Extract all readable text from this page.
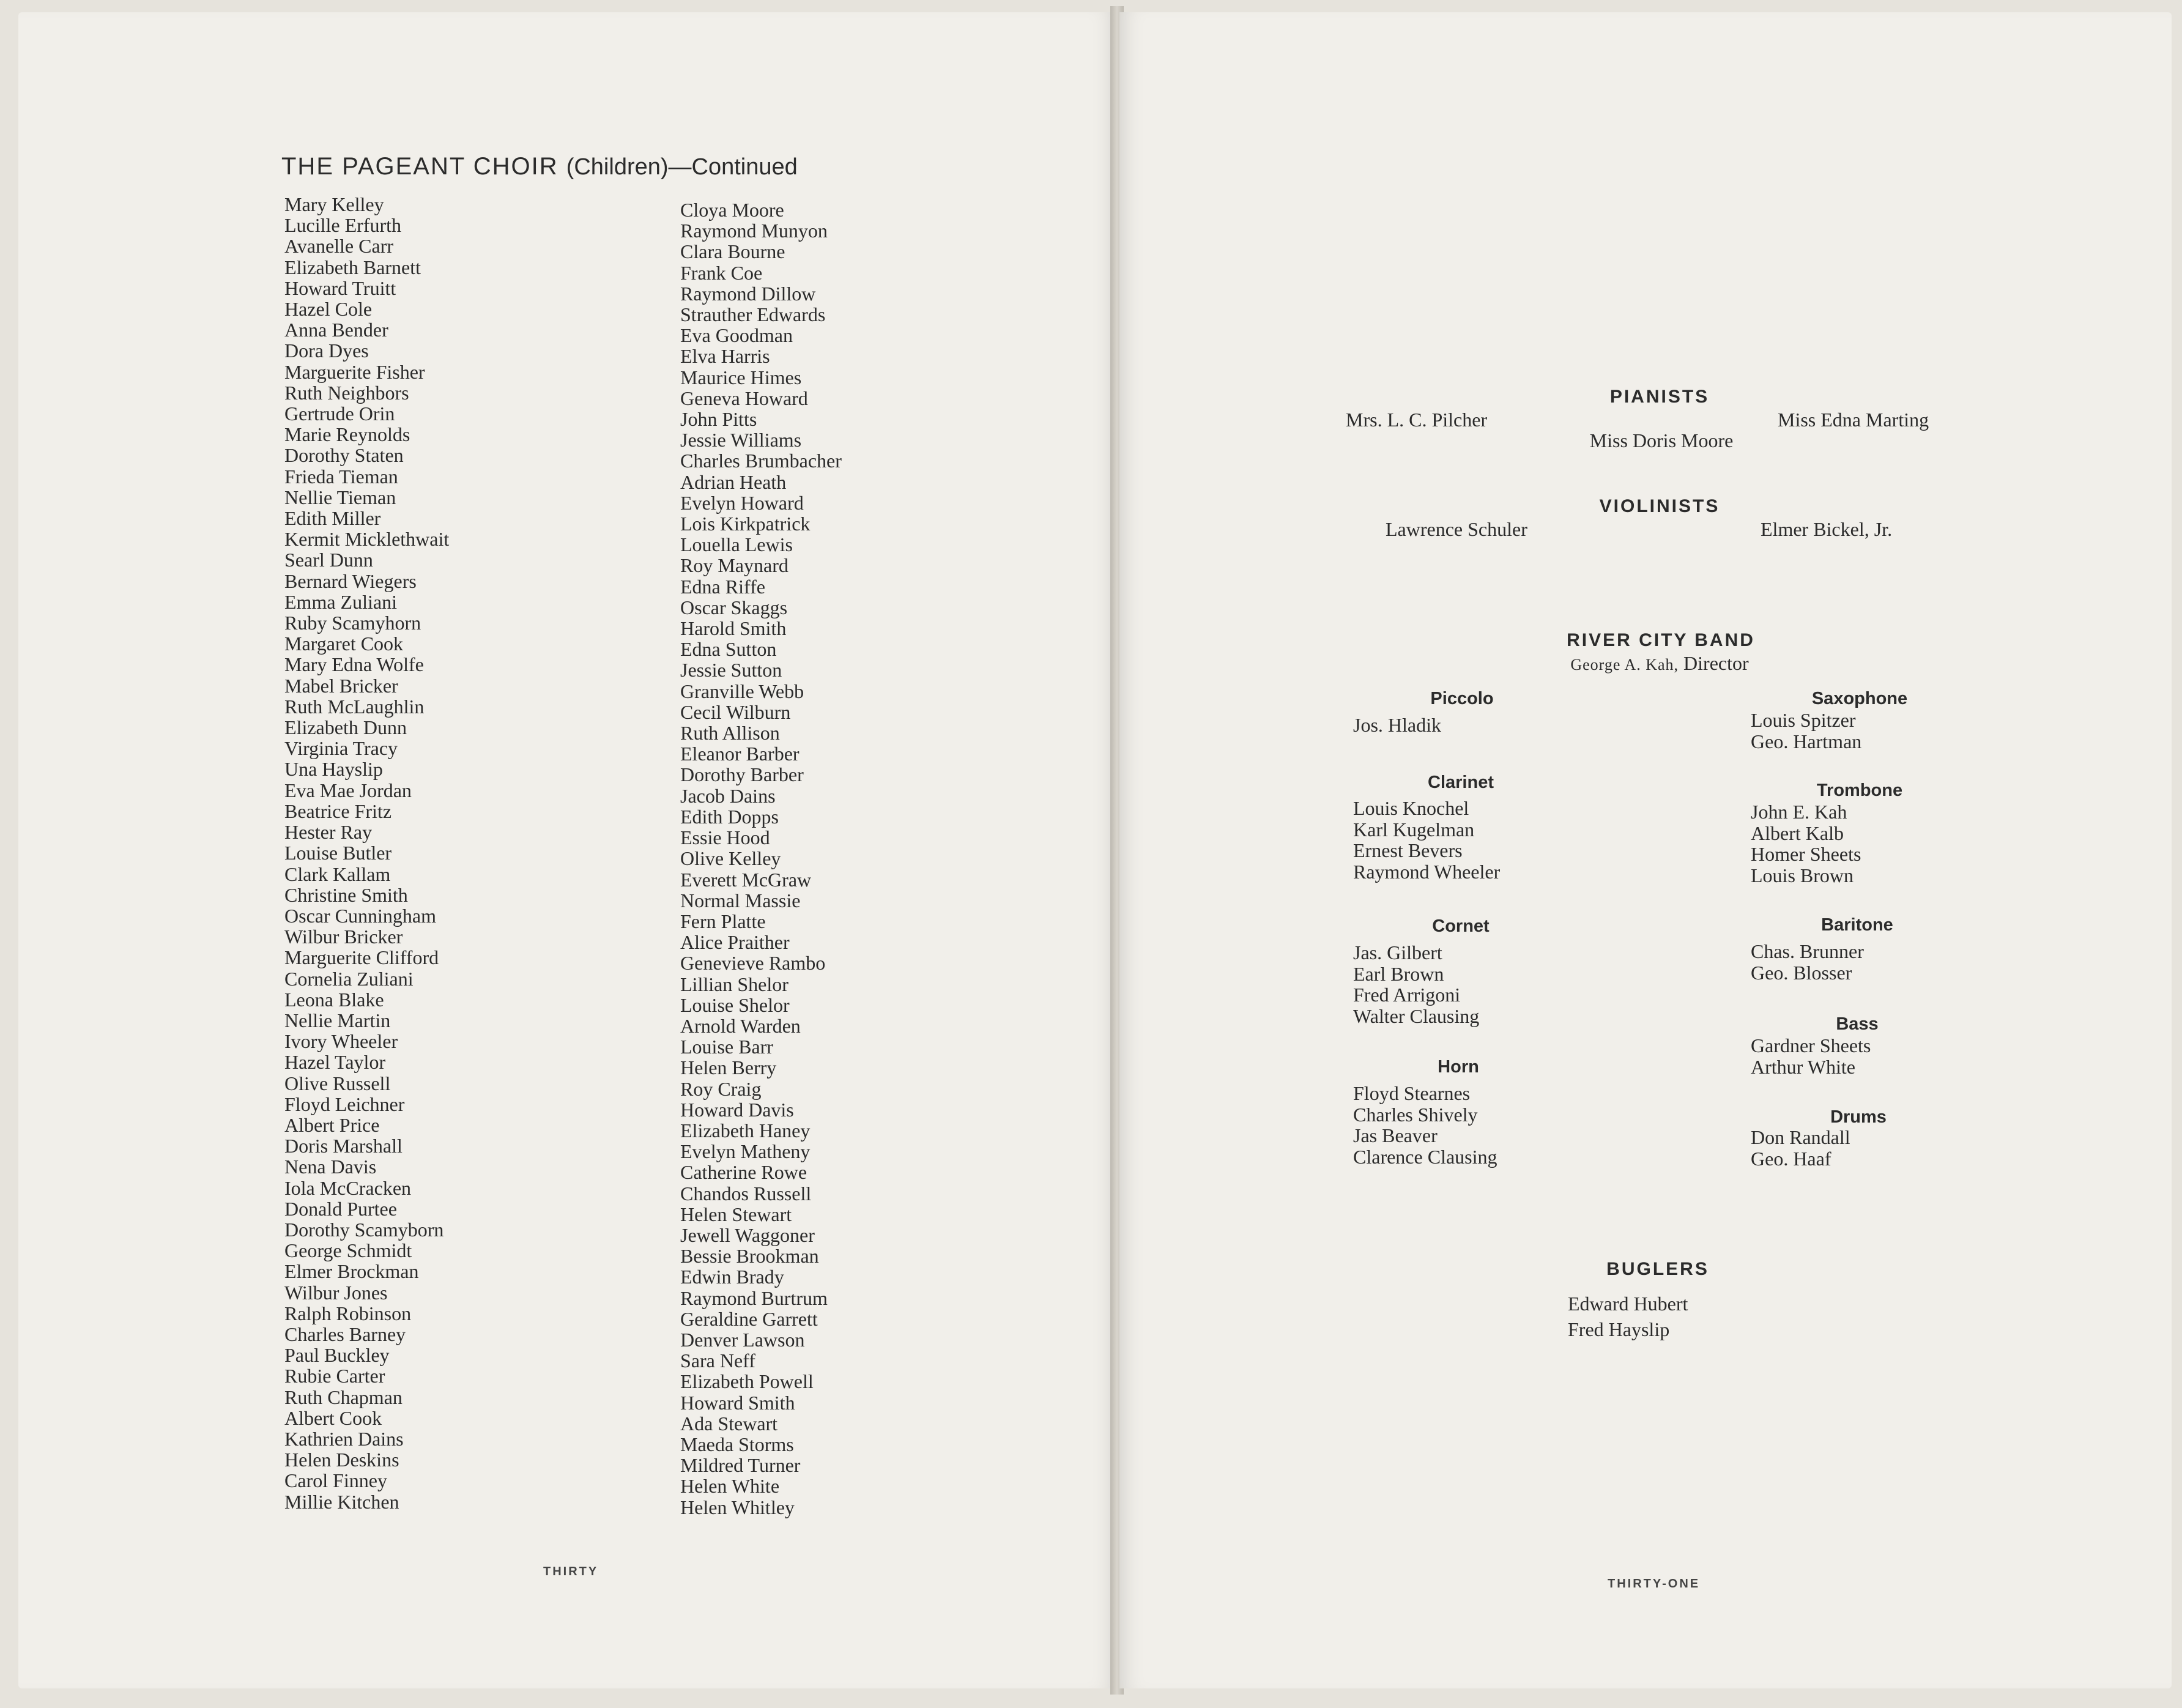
THE PAGEANT CHOIR (Children)—Continued
Mary Kelley
Lucille Erfurth
Avanelle Carr
Elizabeth Barnett
Howard Truitt
Hazel Cole
Anna Bender
Dora Dyes
Marguerite Fisher
Ruth Neighbors
Gertrude Orin
Marie Reynolds
Dorothy Staten
Frieda Tieman
Nellie Tieman
Edith Miller
Kermit Micklethwait
Searl Dunn
Bernard Wiegers
Emma Zuliani
Ruby Scamyhorn
Margaret Cook
Mary Edna Wolfe
Mabel Bricker
Ruth McLaughlin
Elizabeth Dunn
Virginia Tracy
Una Hayslip
Eva Mae Jordan
Beatrice Fritz
Hester Ray
Louise Butler
Clark Kallam
Christine Smith
Oscar Cunningham
Wilbur Bricker
Marguerite Clifford
Cornelia Zuliani
Leona Blake
Nellie Martin
Ivory Wheeler
Hazel Taylor
Olive Russell
Floyd Leichner
Albert Price
Doris Marshall
Nena Davis
Iola McCracken
Donald Purtee
Dorothy Scamyborn
George Schmidt
Elmer Brockman
Wilbur Jones
Ralph Robinson
Charles Barney
Paul Buckley
Rubie Carter
Ruth Chapman
Albert Cook
Kathrien Dains
Helen Deskins
Carol Finney
Millie Kitchen
Cloya Moore
Raymond Munyon
Clara Bourne
Frank Coe
Raymond Dillow
Strauther Edwards
Eva Goodman
Elva Harris
Maurice Himes
Geneva Howard
John Pitts
Jessie Williams
Charles Brumbacher
Adrian Heath
Evelyn Howard
Lois Kirkpatrick
Louella Lewis
Roy Maynard
Edna Riffe
Oscar Skaggs
Harold Smith
Edna Sutton
Jessie Sutton
Granville Webb
Cecil Wilburn
Ruth Allison
Eleanor Barber
Dorothy Barber
Jacob Dains
Edith Dopps
Essie Hood
Olive Kelley
Everett McGraw
Normal Massie
Fern Platte
Alice Praither
Genevieve Rambo
Lillian Shelor
Louise Shelor
Arnold Warden
Louise Barr
Helen Berry
Roy Craig
Howard Davis
Elizabeth Haney
Evelyn Matheny
Catherine Rowe
Chandos Russell
Helen Stewart
Jewell Waggoner
Bessie Brookman
Edwin Brady
Raymond Burtrum
Geraldine Garrett
Denver Lawson
Sara Neff
Elizabeth Powell
Howard Smith
Ada Stewart
Maeda Storms
Mildred Turner
Helen White
Helen Whitley
THIRTY
PIANISTS
Mrs. L. C. Pilcher	Miss Edna Marting
Miss Doris Moore
VIOLINISTS
Lawrence Schuler	Elmer Bickel, Jr.
RIVER CITY BAND
George A. Kah, Director
Piccolo
Jos. Hladik
Clarinet
Louis Knochel
Karl Kugelman
Ernest Bevers
Raymond Wheeler
Cornet
Jas. Gilbert
Earl Brown
Fred Arrigoni
Walter Clausing
Horn
Floyd Stearnes
Charles Shively
Jas Beaver
Clarence Clausing
Saxophone
Louis Spitzer
Geo. Hartman
Trombone
John E. Kah
Albert Kalb
Homer Sheets
Louis Brown
Baritone
Chas. Brunner
Geo. Blosser
Bass
Gardner Sheets
Arthur White
Drums
Don Randall
Geo. Haaf
BUGLERS
Edward Hubert
Fred Hayslip
THIRTY-ONE
